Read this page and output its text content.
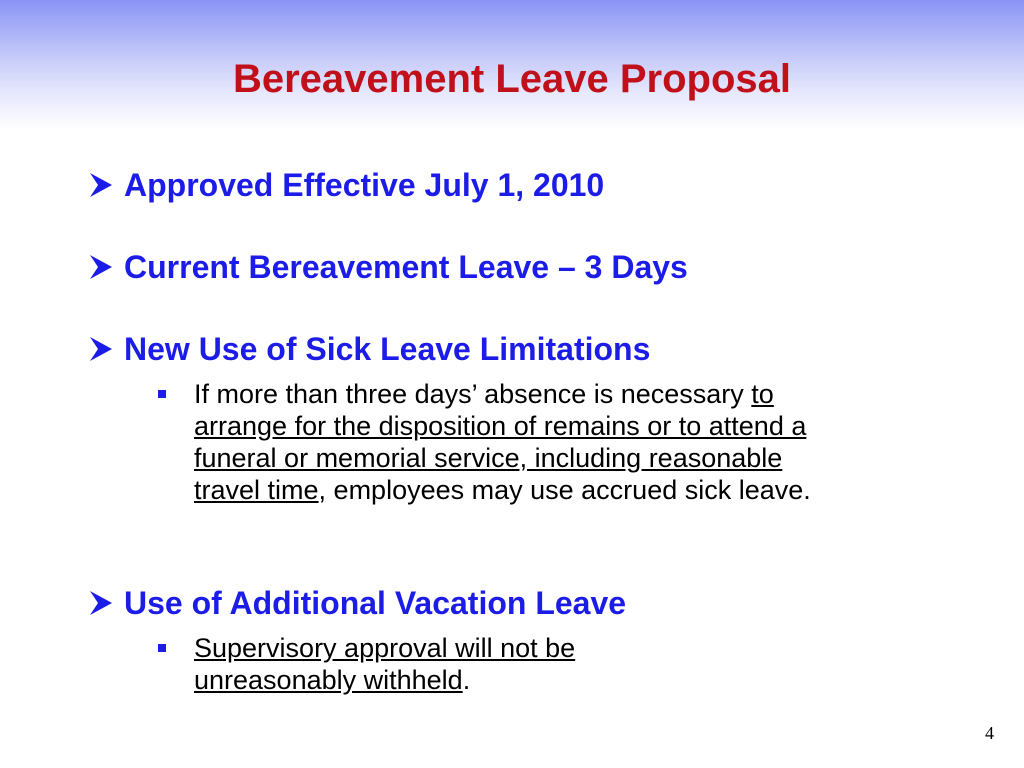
Bereavement Leave Proposal
Approved Effective July 1, 2010
Current Bereavement Leave – 3 Days
New Use of Sick Leave Limitations
If more than three days’ absence is necessary to arrange for the disposition of remains or to attend a funeral or memorial service, including reasonable travel time, employees may use accrued sick leave.
Use of Additional Vacation Leave
Supervisory approval will not be unreasonably withheld.
4
